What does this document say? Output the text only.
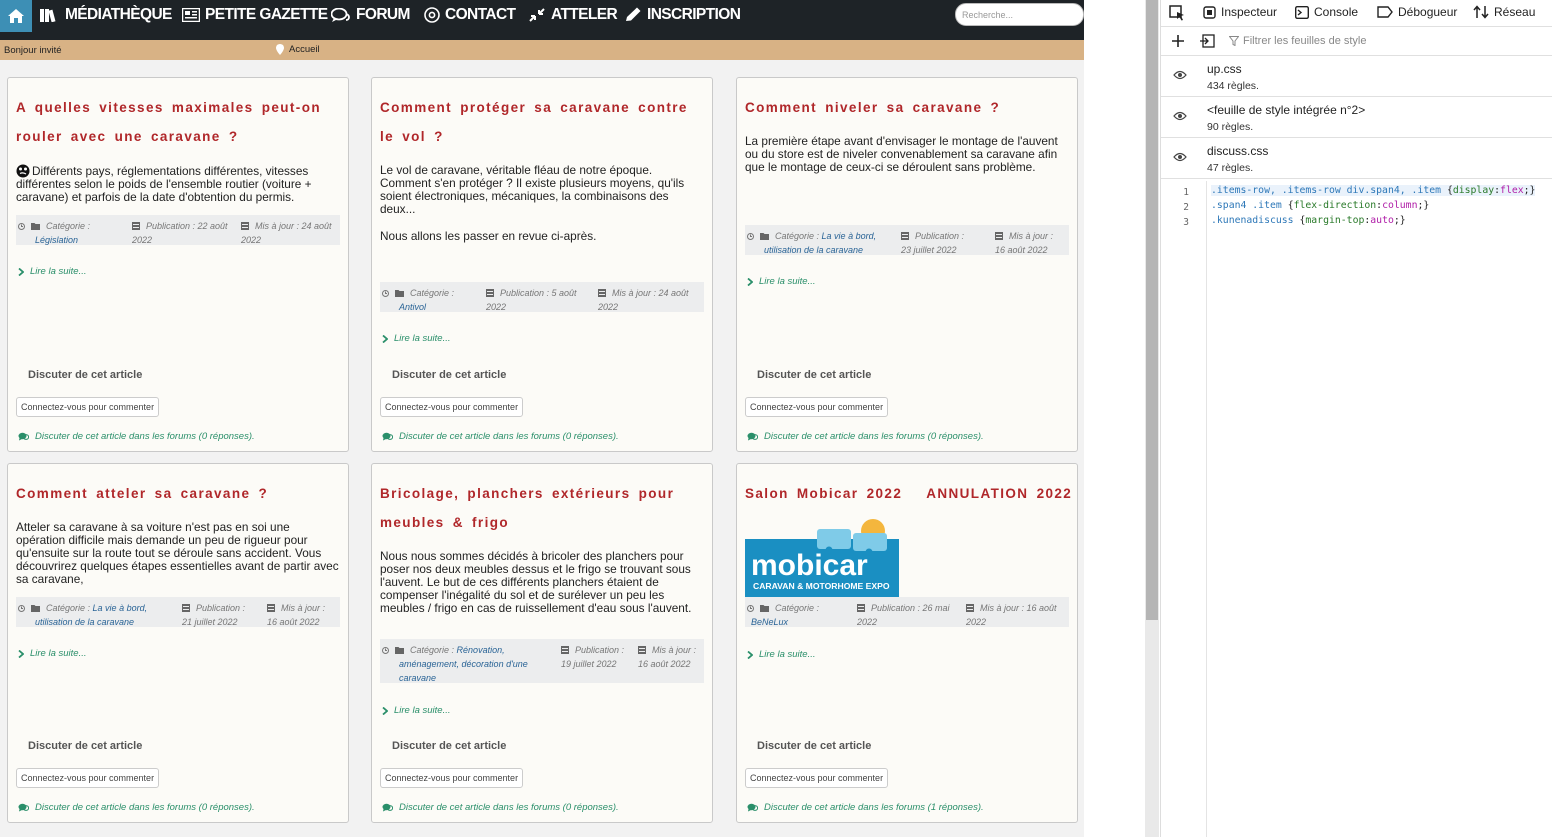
MÉDIATHÈQUE PETITE GAZETTE FORUM CONTACT ATTELER INSCRIPTION	Recherche...
Bonjour invité	Accueil
A quelles vitesses maximales peut-on rouler avec une caravane ?
Différents pays, réglementations différentes, vitesses différentes selon le poids de l'ensemble routier (voiture + caravane) et parfois de la date d'obtention du permis.
Catégorie :
Législation
Publication : 22 août
2022
Mis à jour : 24 août
2022
Lire la suite...
Discuter de cet article
Connectez-vous pour commenter
Discuter de cet article dans les forums (0 réponses).
Comment protéger sa caravane contre le vol ?
Le vol de caravane, véritable fléau de notre époque. Comment s'en protéger ? Il existe plusieurs moyens, qu'ils soient électroniques, mécaniques, la combinaisons des deux...
Nous allons les passer en revue ci-après.
Catégorie :
Antivol
Publication : 5 août
2022
Mis à jour : 24 août
2022
Lire la suite...
Discuter de cet article
Connectez-vous pour commenter
Discuter de cet article dans les forums (0 réponses).
Comment niveler sa caravane ?
La première étape avant d'envisager le montage de l'auvent ou du store est de niveler convenablement sa caravane afin que le montage de ceux-ci se déroulent sans problème.
Catégorie : La vie à bord,
utilisation de la caravane
Publication :
23 juillet 2022
Mis à jour :
16 août 2022
Lire la suite...
Discuter de cet article
Connectez-vous pour commenter
Discuter de cet article dans les forums (0 réponses).
Comment atteler sa caravane ?
Atteler sa caravane à sa voiture n'est pas en soi une opération difficile mais demande un peu de rigueur pour qu'ensuite sur la route tout se déroule sans accident. Vous découvrirez quelques étapes essentielles avant de partir avec sa caravane,
Catégorie : La vie à bord,
utilisation de la caravane
Publication :
21 juillet 2022
Mis à jour :
16 août 2022
Lire la suite...
Discuter de cet article
Connectez-vous pour commenter
Discuter de cet article dans les forums (0 réponses).
Bricolage, planchers extérieurs pour meubles & frigo
Nous nous sommes décidés à bricoler des planchers pour poser nos deux meubles dessus et le frigo se trouvant sous l'auvent. Le but de ces différents planchers étaient de compenser l'inégalité du sol et de surélever un peu les meubles / frigo en cas de ruissellement d'eau sous l'auvent.
Catégorie : Rénovation,
aménagement, décoration d'une
caravane
Publication :
19 juillet 2022
Mis à jour :
16 août 2022
Lire la suite...
Discuter de cet article
Connectez-vous pour commenter
Discuter de cet article dans les forums (0 réponses).
Salon Mobicar 2022   ANNULATION 2022
mobicar
CARAVAN & MOTORHOME EXPO
Catégorie :
BeNeLux
Publication : 26 mai
2022
Mis à jour : 16 août
2022
Lire la suite...
Discuter de cet article
Connectez-vous pour commenter
Discuter de cet article dans les forums (1 réponses).
Inspecteur	Console	Débogueur	Réseau
Filtrer les feuilles de style
up.css
434 règles.
<feuille de style intégrée n°2>
90 règles.
discuss.css
47 règles.
1
2
3
.items-row, .items-row div.span4, .item {display:flex;}
.span4 .item {flex-direction:column;}
.kunenadiscuss {margin-top:auto;}
